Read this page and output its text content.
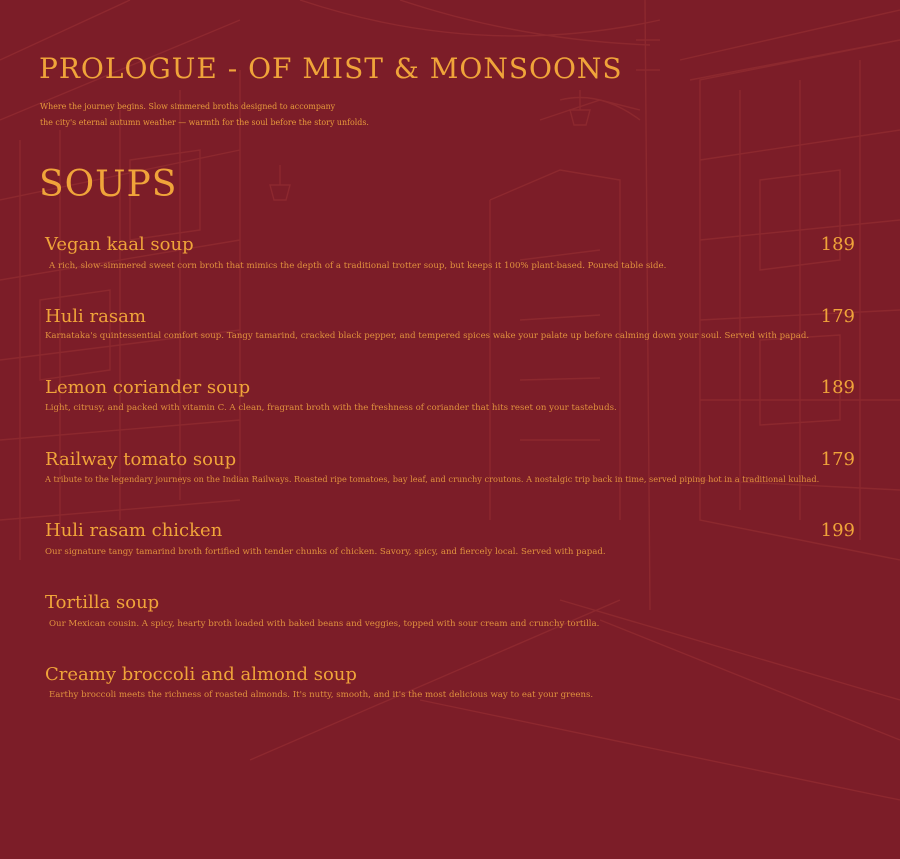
PROLOGUE - OF MIST & MONSOONS

Where the journey begins. Slow simmered broths designed to accompany
the city's eternal autumn weather — warmth for the soul before the story unfolds.

SOUPS
Vegan kaal soup	189
A rich, slow-simmered sweet corn broth that mimics the depth of a traditional trotter soup, but keeps it 100% plant-based. Poured table side.
Huli rasam	179
Karnataka's quintessential comfort soup. Tangy tamarind, cracked black pepper, and tempered spices wake your palate up before calming down your soul. Served with papad.
Lemon coriander soup	189
Light, citrusy, and packed with vitamin C. A clean, fragrant broth with the freshness of coriander that hits reset on your tastebuds.
Railway tomato soup	179
A tribute to the legendary journeys on the Indian Railways. Roasted ripe tomatoes, bay leaf, and crunchy croutons. A nostalgic trip back in time, served piping hot in a traditional kulhad.
Huli rasam chicken	199
Our signature tangy tamarind broth fortified with tender chunks of chicken. Savory, spicy, and fiercely local. Served with papad.
Tortilla soup
Our Mexican cousin. A spicy, hearty broth loaded with baked beans and veggies, topped with sour cream and crunchy tortilla.
Creamy broccoli and almond soup
Earthy broccoli meets the richness of roasted almonds. It's nutty, smooth, and it's the most delicious way to eat your greens.
